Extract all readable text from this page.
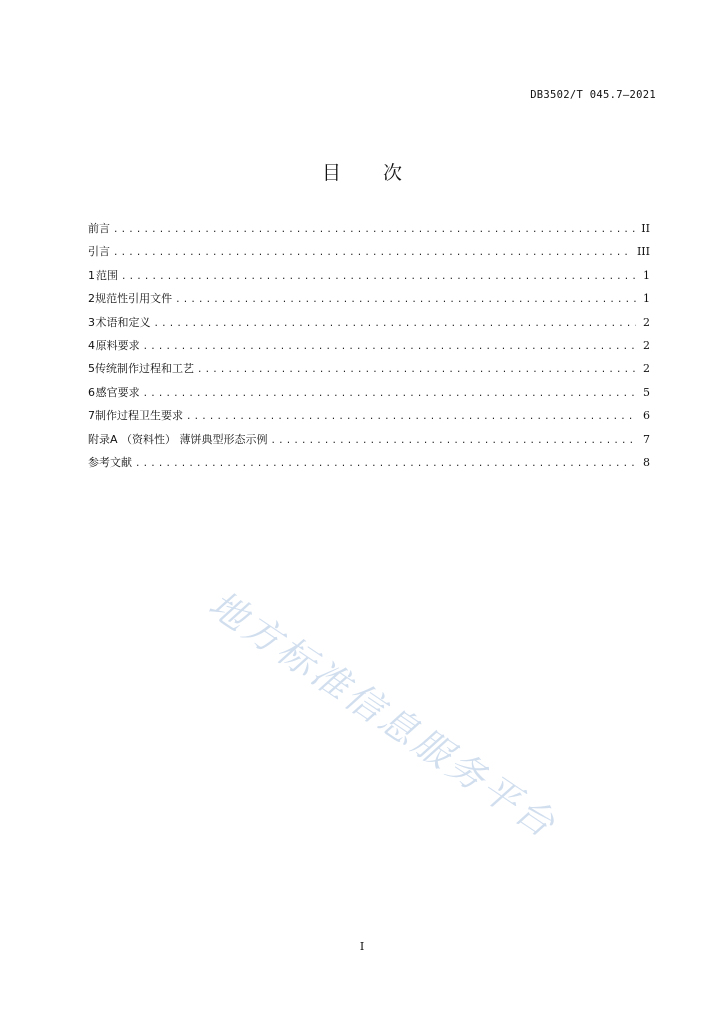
DB3502/T 045.7—2021
目 次
前言 .....	II
引言 .....	III
1 范围 .....	1
2 规范性引用文件 .....	1
3 术语和定义 .....	2
4 原料要求 .....	2
5 传统制作过程和工艺 .....	2
6 感官要求 .....	5
7 制作过程卫生要求 .....	6
附录A （资料性） 薄饼典型形态示例 .....	7
参考文献 .....	8
地方标准信息服务平台
I
